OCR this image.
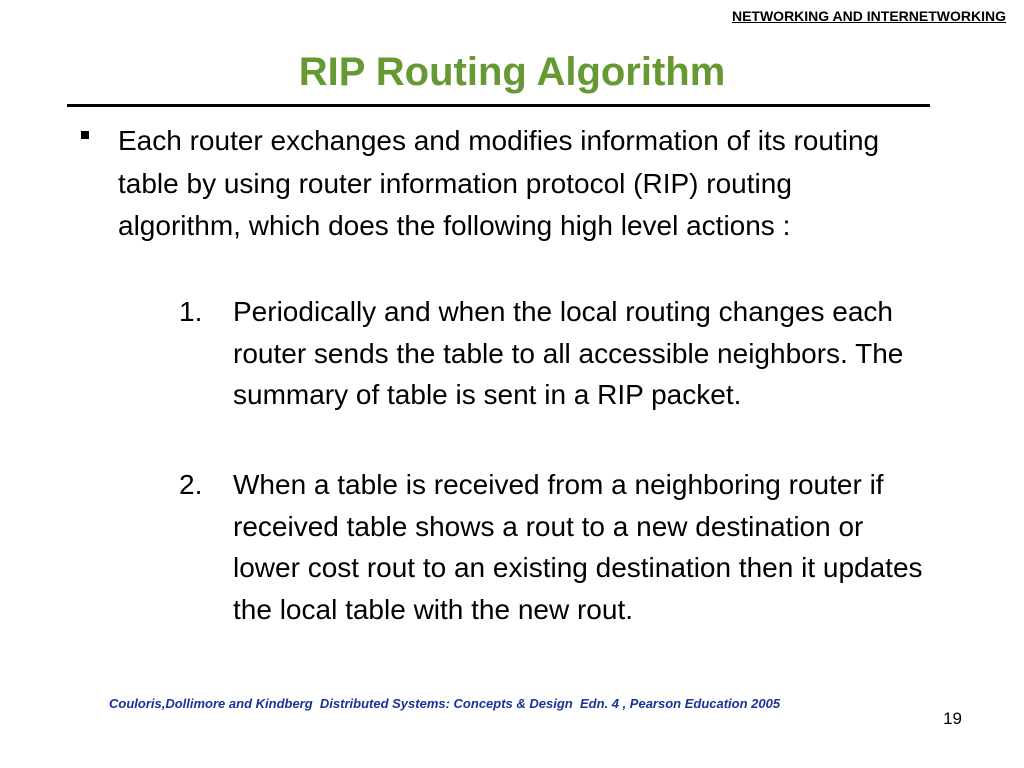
NETWORKING AND INTERNETWORKING
RIP Routing Algorithm
Each router exchanges and modifies information of its routing table by using router information protocol (RIP) routing algorithm, which does the following high level actions :
1.	Periodically and when the local routing changes each router sends the table to all accessible neighbors. The summary of table is sent in a RIP packet.
2.	When a table is received from a neighboring router if received table shows a rout to a new destination or lower cost rout to an existing destination then it updates the local table with the new rout.
Couloris,Dollimore and Kindberg  Distributed Systems: Concepts & Design  Edn. 4 , Pearson Education 2005
19
